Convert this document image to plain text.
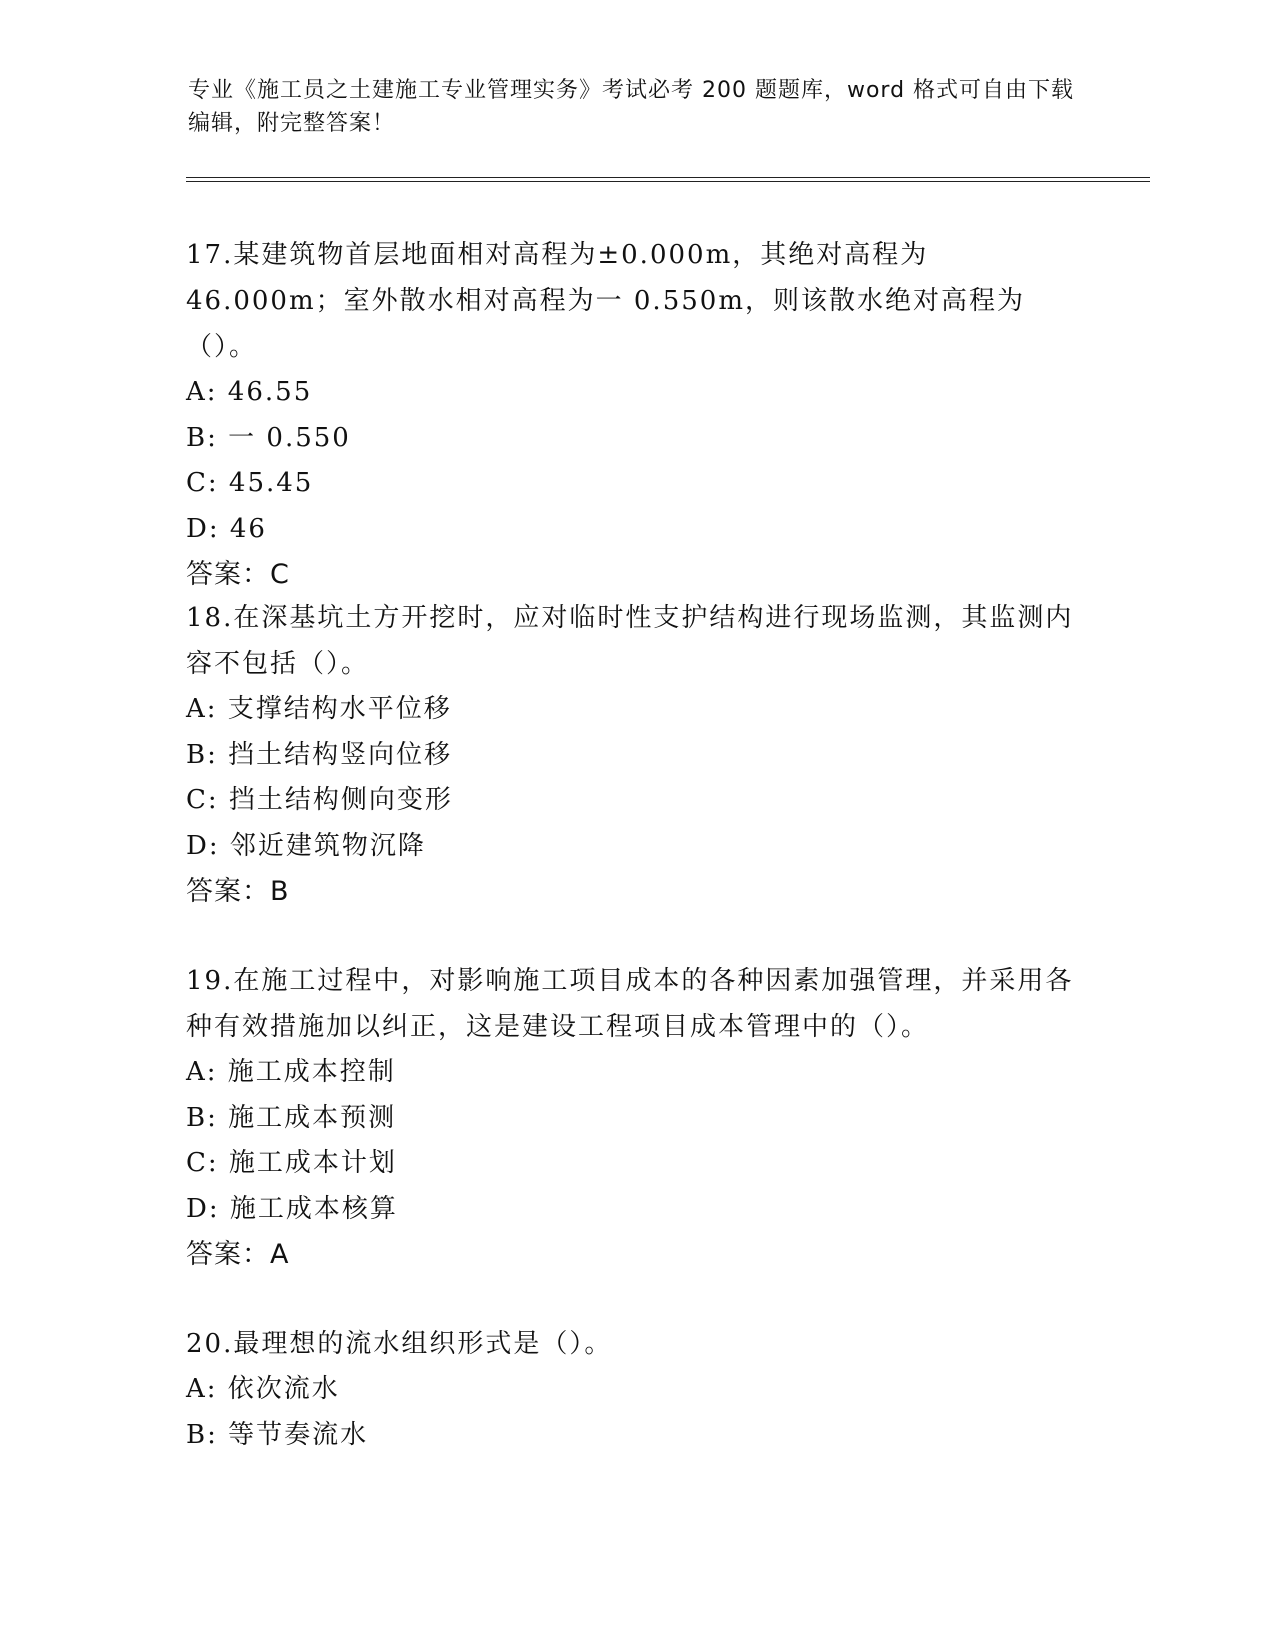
专业《施工员之土建施工专业管理实务》考试必考 200 题题库，word 格式可自由下载编辑，附完整答案！

17.某建筑物首层地面相对高程为±0.000m，其绝对高程为 46.000m；室外散水相对高程为一 0.550m，则该散水绝对高程为（）。

A: 46.55

B: 一 0.550

C: 45.45

D: 46

答案：C

18.在深基坑土方开挖时，应对临时性支护结构进行现场监测，其监测内容不包括（）。

A: 支撑结构水平位移

B: 挡土结构竖向位移

C: 挡土结构侧向变形

D: 邻近建筑物沉降

答案：B

19.在施工过程中，对影响施工项目成本的各种因素加强管理，并采用各种有效措施加以纠正，这是建设工程项目成本管理中的（）。

A: 施工成本控制

B: 施工成本预测

C: 施工成本计划

D: 施工成本核算

答案：A

20.最理想的流水组织形式是（）。

A: 依次流水

B: 等节奏流水
